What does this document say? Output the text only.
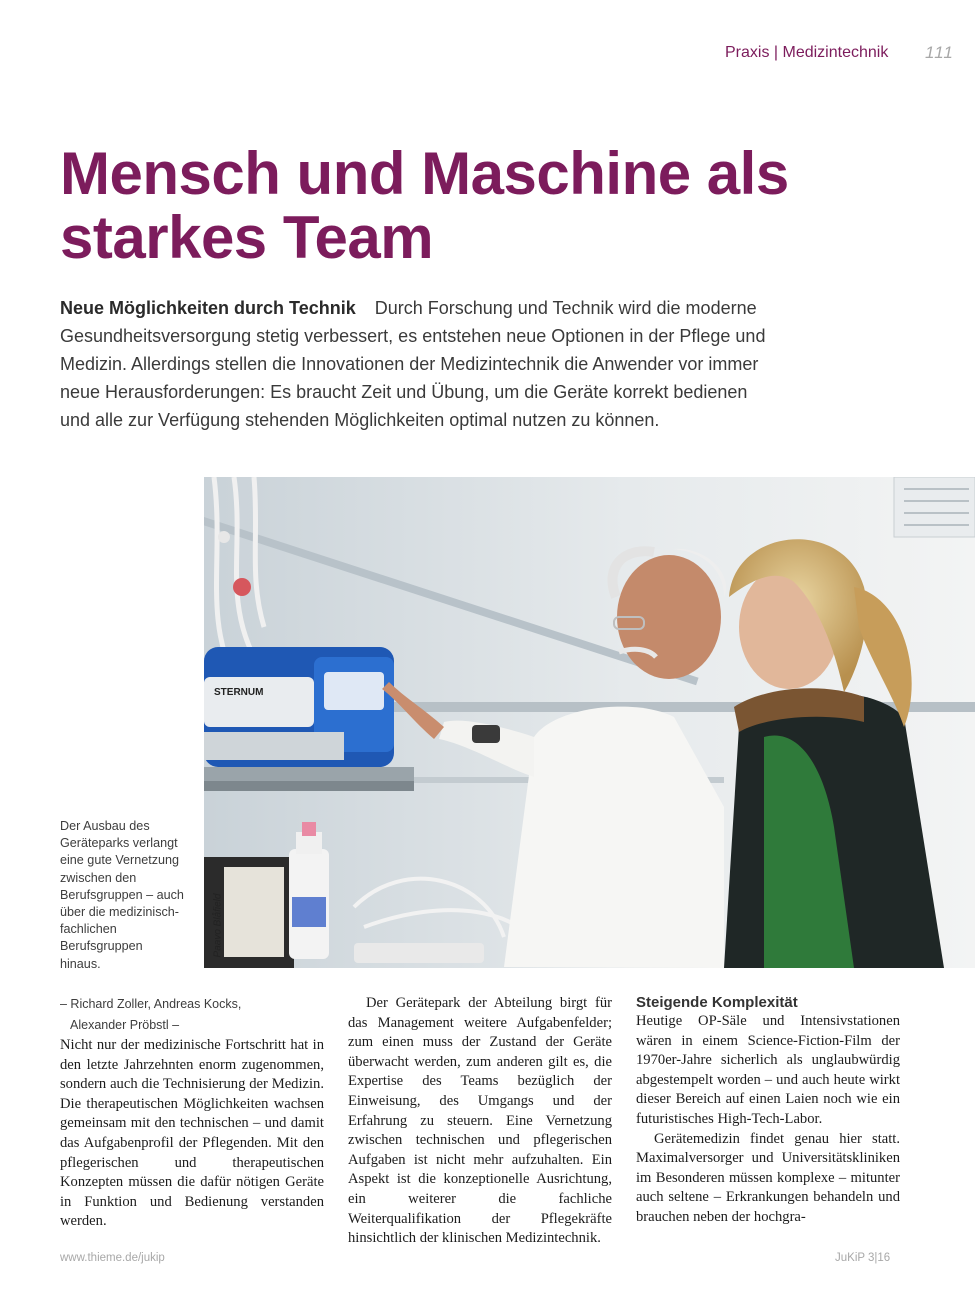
Praxis | Medizintechnik 111
Mensch und Maschine als
starkes Team

Neue Möglichkeiten durch Technik Durch Forschung und Technik wird die moderne Gesundheitsversorgung stetig verbessert, es entstehen neue Optionen in der Pflege und Medizin. Allerdings stellen die Innovationen der Medizintechnik die Anwender vor immer neue Herausforderungen: Es braucht Zeit und Übung, um die Geräte korrekt bedienen und alle zur Verfügung stehenden Möglichkeiten optimal nutzen zu können.

STERNUM
Paavo Blåfield

Der Ausbau des Geräteparks verlangt eine gute Vernetzung zwischen den Berufsgruppen – auch über die medizinisch-fachlichen Berufsgruppen hinaus.

– Richard Zoller, Andreas Kocks,
Alexander Pröbstl –

Nicht nur der medizinische Fortschritt hat in den letzte Jahrzehnten enorm zugenommen, sondern auch die Technisierung der Medizin. Die therapeutischen Möglichkeiten wachsen gemeinsam mit den technischen – und damit das Aufgabenprofil der Pflegenden. Mit den pflegerischen und therapeutischen Konzepten müssen die dafür nötigen Geräte in Funktion und Bedienung verstanden werden.

Der Gerätepark der Abteilung birgt für das Management weitere Aufgabenfelder; zum einen muss der Zustand der Geräte überwacht werden, zum anderen gilt es, die Expertise des Teams bezüglich der Einweisung, des Umgangs und der Erfahrung zu steuern. Eine Vernetzung zwischen technischen und pflegerischen Aufgaben ist nicht mehr aufzuhalten. Ein Aspekt ist die konzeptionelle Ausrichtung, ein weiterer die fachliche Weiterqualifikation der Pflegekräfte hinsichtlich der klinischen Medizintechnik.

Steigende Komplexität

Heutige OP-Säle und Intensivstationen wären in einem Science-Fiction-Film der 1970er-Jahre sicherlich als unglaubwürdig abgestempelt worden – und auch heute wirkt dieser Bereich auf einen Laien noch wie ein futuristisches High-Tech-Labor.

Gerätemedizin findet genau hier statt. Maximalversorger und Universitätskliniken im Besonderen müssen komplexe – mitunter auch seltene – Erkrankungen behandeln und brauchen neben der hochgra-

www.thieme.de/jukip	JuKiP 3|16
